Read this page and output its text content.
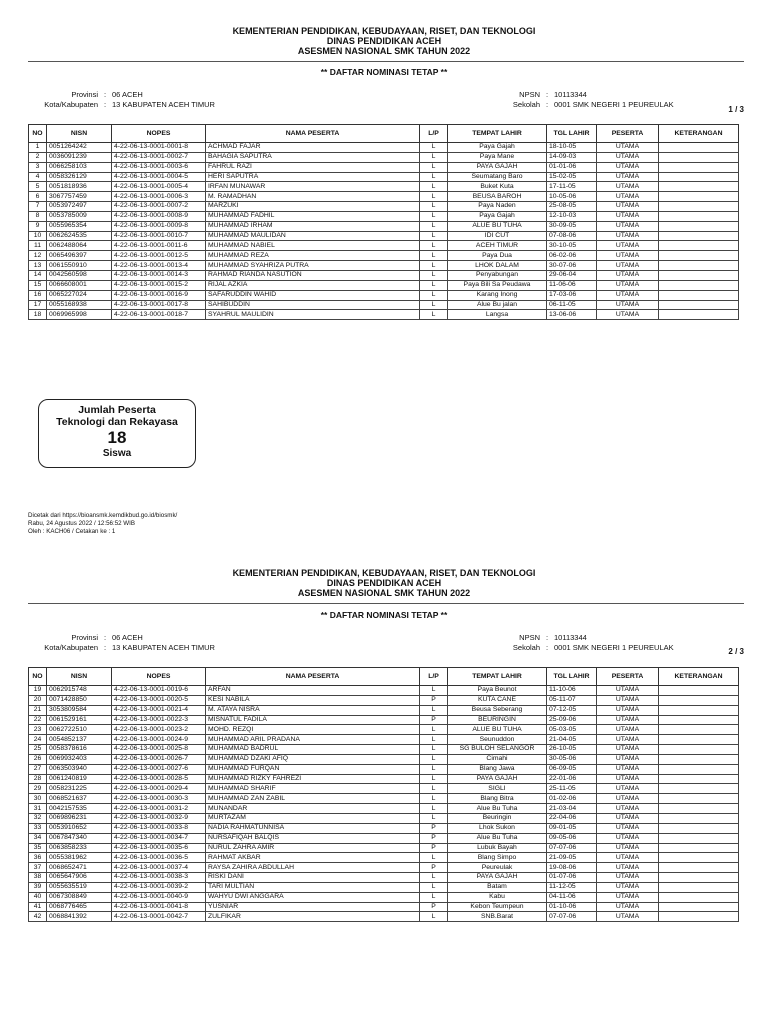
KEMENTERIAN PENDIDIKAN, KEBUDAYAAN, RISET, DAN TEKNOLOGI
DINAS PENDIDIKAN ACEH
ASESMEN NASIONAL SMK TAHUN 2022
** DAFTAR NOMINASI TETAP **
Provinsi : 06 ACEH
Kota/Kabupaten : 13 KABUPATEN ACEH TIMUR
NPSN : 10113344
Sekolah : 0001 SMK NEGERI 1 PEUREULAK
1 / 3
NO	NISN	NOPES	NAMA PESERTA	L/P	TEMPAT LAHIR	TGL LAHIR	PESERTA	KETERANGAN
1	0051264242	4-22-06-13-0001-0001-8	ACHMAD FAJAR	L	Paya Gajah	18-10-05	UTAMA	
2	0036091239	4-22-06-13-0001-0002-7	BAHAGIA SAPUTRA	L	Paya Mane	14-09-03	UTAMA	
3	0066258103	4-22-06-13-0001-0003-6	FAHRUL RAZI	L	PAYA GAJAH	01-01-06	UTAMA	
4	0058326129	4-22-06-13-0001-0004-5	HERI SAPUTRA	L	Seumatang Baro	15-02-05	UTAMA	
5	0051818936	4-22-06-13-0001-0005-4	IRFAN MUNAWAR	L	Buket Kuta	17-11-05	UTAMA	
6	3067757459	4-22-06-13-0001-0006-3	M. RAMADHAN	L	BEUSA BAROH	10-05-06	UTAMA	
7	0053972497	4-22-06-13-0001-0007-2	MARZUKI	L	Paya Naden	25-08-05	UTAMA	
8	0053785009	4-22-06-13-0001-0008-9	MUHAMMAD FADHIL	L	Paya Gajah	12-10-03	UTAMA	
9	0055965354	4-22-06-13-0001-0009-8	MUHAMMAD IRHAM	L	ALUE BU TUHA	30-09-05	UTAMA	
10	0062624535	4-22-06-13-0001-0010-7	MUHAMMAD MAULIDAN	L	IDI CUT	07-08-06	UTAMA	
11	0062488064	4-22-06-13-0001-0011-6	MUHAMMAD NABIEL	L	ACEH TIMUR	30-10-05	UTAMA	
12	0065496397	4-22-06-13-0001-0012-5	MUHAMMAD REZA	L	Paya Dua	06-02-06	UTAMA	
13	0061550910	4-22-06-13-0001-0013-4	MUHAMMAD SYAHRIZA PUTRA	L	LHOK DALAM	30-07-06	UTAMA	
14	0042560598	4-22-06-13-0001-0014-3	RAHMAD RIANDA NASUTION	L	Penyabungan	29-06-04	UTAMA	
15	0066608001	4-22-06-13-0001-0015-2	RIJAL AZKIA	L	Paya Bili Sa Peudawa	11-06-06	UTAMA	
16	0065227024	4-22-06-13-0001-0016-9	SAFARUDDIN WAHID	L	Karang Inong	17-03-06	UTAMA	
17	0055168938	4-22-06-13-0001-0017-8	SAHIBUDDIN	L	Alue Bu jalan	06-11-05	UTAMA	
18	0069965998	4-22-06-13-0001-0018-7	SYAHRUL MAULIDIN	L	Langsa	13-06-06	UTAMA	
Jumlah Peserta
Teknologi dan Rekayasa
18
Siswa
Dicetak dari https://bioansmk.kemdikbud.go.id/biosmk/
Rabu, 24 Agustus 2022 / 12:56:52 WIB
Oleh : KACH06 / Cetakan ke : 1
KEMENTERIAN PENDIDIKAN, KEBUDAYAAN, RISET, DAN TEKNOLOGI
DINAS PENDIDIKAN ACEH
ASESMEN NASIONAL SMK TAHUN 2022
** DAFTAR NOMINASI TETAP **
Provinsi : 06 ACEH
Kota/Kabupaten : 13 KABUPATEN ACEH TIMUR
NPSN : 10113344
Sekolah : 0001 SMK NEGERI 1 PEUREULAK	2 / 3
NO	NISN	NOPES	NAMA PESERTA	L/P	TEMPAT LAHIR	TGL LAHIR	PESERTA	KETERANGAN
19	0062915748	4-22-06-13-0001-0019-6	ARFAN	L	Paya Beunot	11-10-06	UTAMA	
20	0071428850	4-22-06-13-0001-0020-5	KESI NABILA	P	KUTA CANE	05-11-07	UTAMA	
21	3053809584	4-22-06-13-0001-0021-4	M. ATAYA NISRA	L	Beusa Seberang	07-12-05	UTAMA	
22	0061529161	4-22-06-13-0001-0022-3	MISNATUL FADILA	P	BEURINGIN	25-09-06	UTAMA	
23	0062722510	4-22-06-13-0001-0023-2	MOHD. REZQI	L	ALUE BU TUHA	05-03-05	UTAMA	
24	0054852137	4-22-06-13-0001-0024-9	MUHAMMAD ARIL PRADANA	L	Seunuddon	21-04-05	UTAMA	
25	0058378616	4-22-06-13-0001-0025-8	MUHAMMAD BADRUL	L	SG BULOH SELANGOR	26-10-05	UTAMA	
26	0069932403	4-22-06-13-0001-0026-7	MUHAMMAD DZAKI AFIQ	L	Cimahi	30-05-06	UTAMA	
27	0063503940	4-22-06-13-0001-0027-6	MUHAMMAD FURQAN	L	Blang Jawa	06-09-05	UTAMA	
28	0061240819	4-22-06-13-0001-0028-5	MUHAMMAD RIZKY FAHREZI	L	PAYA GAJAH	22-01-06	UTAMA	
29	0058231225	4-22-06-13-0001-0029-4	MUHAMMAD SHARIF	L	SIGLI	25-11-05	UTAMA	
30	0068521637	4-22-06-13-0001-0030-3	MUHAMMAD ZAN ZABIL	L	Blang Bitra	01-02-06	UTAMA	
31	0042157535	4-22-06-13-0001-0031-2	MUNANDAR	L	Alue Bu Tuha	21-03-04	UTAMA	
32	0069896231	4-22-06-13-0001-0032-9	MURTAZAM	L	Beuringin	22-04-06	UTAMA	
33	0053910652	4-22-06-13-0001-0033-8	NADIA RAHMATUNNISA	P	Lhok Sukon	09-01-05	UTAMA	
34	0067847340	4-22-06-13-0001-0034-7	NURSAFIQAH BALQIS	P	Alue Bu Tuha	09-05-06	UTAMA	
35	0063858233	4-22-06-13-0001-0035-6	NURUL ZAHRA AMIR	P	Lubuk Bayah	07-07-06	UTAMA	
36	0055381962	4-22-06-13-0001-0036-5	RAHMAT AKBAR	L	Blang Simpo	21-09-05	UTAMA	
37	0068652471	4-22-06-13-0001-0037-4	RAYSA ZAHIRA ABDULLAH	P	Peureulak	19-08-06	UTAMA	
38	0065647906	4-22-06-13-0001-0038-3	RISKI DANI	L	PAYA GAJAH	01-07-06	UTAMA	
39	0055635519	4-22-06-13-0001-0039-2	TARI MULTIAN	L	Batam	11-12-05	UTAMA	
40	0067308849	4-22-06-13-0001-0040-9	WAHYU DWI ANGGARA	L	Kabu	04-11-06	UTAMA	
41	0068776465	4-22-06-13-0001-0041-8	YUSNIAR	P	Kebon Teumpeun	01-10-06	UTAMA	
42	0068841392	4-22-06-13-0001-0042-7	ZULFIKAR	L	SNB.Barat	07-07-06	UTAMA	
